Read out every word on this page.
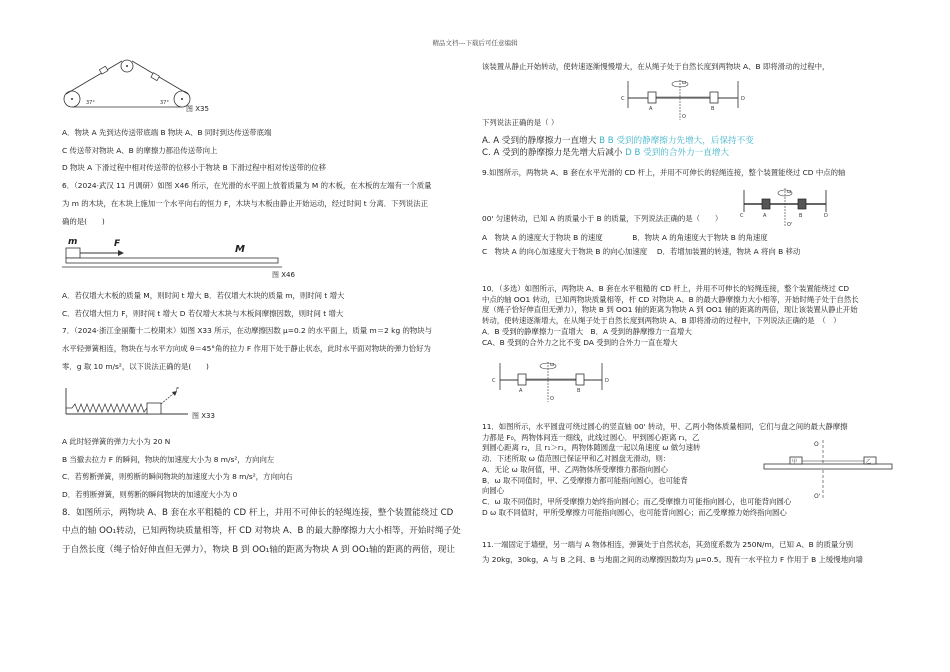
精品文档---下载后可任意编辑
37°	37°
图 X35

A．物块 A 先到达传送带底端 B 物块 A、B 同时到达传送带底端

C 传送带对物块 A、B 的摩擦力都沿传送带向上

D 物块 A 下滑过程中相对传送带的位移小于物块 B 下滑过程中相对传送带的位移

6．（2024·武汉 11 月调研）如图 X46 所示，在光滑的水平面上放着质量为 M 的木板，在木板的左端有一个质量

为 m 的木块，在木块上施加一个水平向右的恒力 F，木块与木板由静止开始运动，经过时间 t 分离．下列说法正

确的是(　　)

m	F	M
图 X46

A．若仅增大木板的质量 M，则时间 t 增大 B．若仅增大木块的质量 m，则时间 t 增大

C．若仅增大恒力 F，则时间 t 增大 D 若仅增大木块与木板间摩擦因数，则时间 t 增大

7．（2024·浙江金丽衢十二校期末）如图 X33 所示，在动摩擦因数 μ=0.2 的水平面上，质量 m＝2 kg 的物块与

水平轻弹簧相连，物块在与水平方向成 θ＝45°角的拉力 F 作用下处于静止状态，此时水平面对物块的弹力恰好为

零．g 取 10 m/s²，以下说法正确的是(　　)

F
图 X33

A 此时轻弹簧的弹力大小为 20 N

B 当撤去拉力 F 的瞬间，物块的加速度大小为 8 m/s²，方向向左

C．若剪断弹簧，则剪断的瞬间物块的加速度大小为 8 m/s²，方向向右

D．若剪断弹簧，则剪断的瞬间物块的加速度大小为 0

8．如图所示，两物块 A、B 套在水平粗糙的 CD 杆上，并用不可伸长的轻绳连接，整个装置能绕过 CD

中点的轴 OO₁转动，已知两物块质量相等，杆 CD 对物块 A、B 的最大静摩擦力大小相等，开始时绳子处

于自然长度（绳子恰好伸直但无弹力），物块 B 到 OO₁轴的距离为物块 A 到 OO₁轴的距离的两倍，现让

该装置从静止开始转动，使转速逐渐慢慢增大，在从绳子处于自然长度到两物块 A、B 即将滑动的过程中，

ω
C	D
A	B
O

下列说法正确的是（ ）

A. A 受到的静摩擦力一直增大 B B 受到的静摩擦力先增大，后保持不变

C. A 受到的静摩擦力是先增大后减小 D B 受到的合外力一直增大

9.如图所示，两物块 A、B 套在水平光滑的 CD 杆上，并用不可伸长的轻绳连接，整个装置能绕过 CD 中点的轴

ω
C	D
A	B
O'

00' 匀速转动，已知 A 的质量小于 B 的质量，下列说法正确的是（　　）

A　物块 A 的速度大于物块 B 的速度　　　　B．物块 A 的角速度大于物块 B 的角速度

C　物块 A 的向心加速度大于物块 B 的向心加速度　 D．若增加装置的转速，物块 A 将向 B 移动

10．（多选）如图所示，两物块 A、B 套在水平粗糙的 CD 杆上，并用不可伸长的轻绳连接，整个装置能绕过 CD

中点的轴 OO1 转动，已知两物块质量相等，杆 CD 对物块 A、B 的最大静摩擦力大小相等，开始时绳子处于自然长

度（绳子恰好伸直但无弹力），物块 B 到 OO1 轴的距离为物块 A 到 OO1 轴的距离的两倍，现让该装置从静止开始

转动，使转速逐渐增大，在从绳子处于自然长度到两物块 A、B 即将滑动的过程中，下列说法正确的是　（　）

A．B 受到的静摩擦力一直增大　B．A 受到的静摩擦力一直增大

CA、B 受到的合外力之比不变 DA 受到的合外力一直在增大

ω
C	D
A	B
O

11．如图所示，水平圆盘可绕过圆心的竖直轴 00' 转动，甲、乙两小物体质量相同，它们与盘之间的最大静摩擦

力都是 F₀，两物体间连一细线，此线过圆心．甲到圆心距离 r₁，乙

到圆心距离 r₂，且 r₁＞r₁，两物体随圆盘一起以角速度 ω 做匀速转

动．下述所取 ω 值范围已保证甲和乙对圆盘无滑动，则：

A．无论 ω 取何值，甲、乙两物体所受摩擦力都指向圆心

B．ω 取不同值时，甲、乙受摩擦力都可能指向圆心，也可能背

向圆心

C．ω 取不同值时，甲所受摩擦力始终指向圆心；而乙受摩擦力可能指向圆心，也可能背向圆心

D ω 取不同值时，甲所受摩擦力可能指向圆心，也可能背向圆心；而乙受摩擦力始终指向圆心

O
甲	乙
O'

11.一端固定于墙壁，另一端与 A 物体相连，弹簧处于自然状态，其劲度系数为 250N/m，已知 A、B 的质量分别

为 20kg，30kg，A 与 B 之间、B 与地面之间的动摩擦因数均为 μ=0.5。现有一水平拉力 F 作用于 B 上缓慢地向墙
